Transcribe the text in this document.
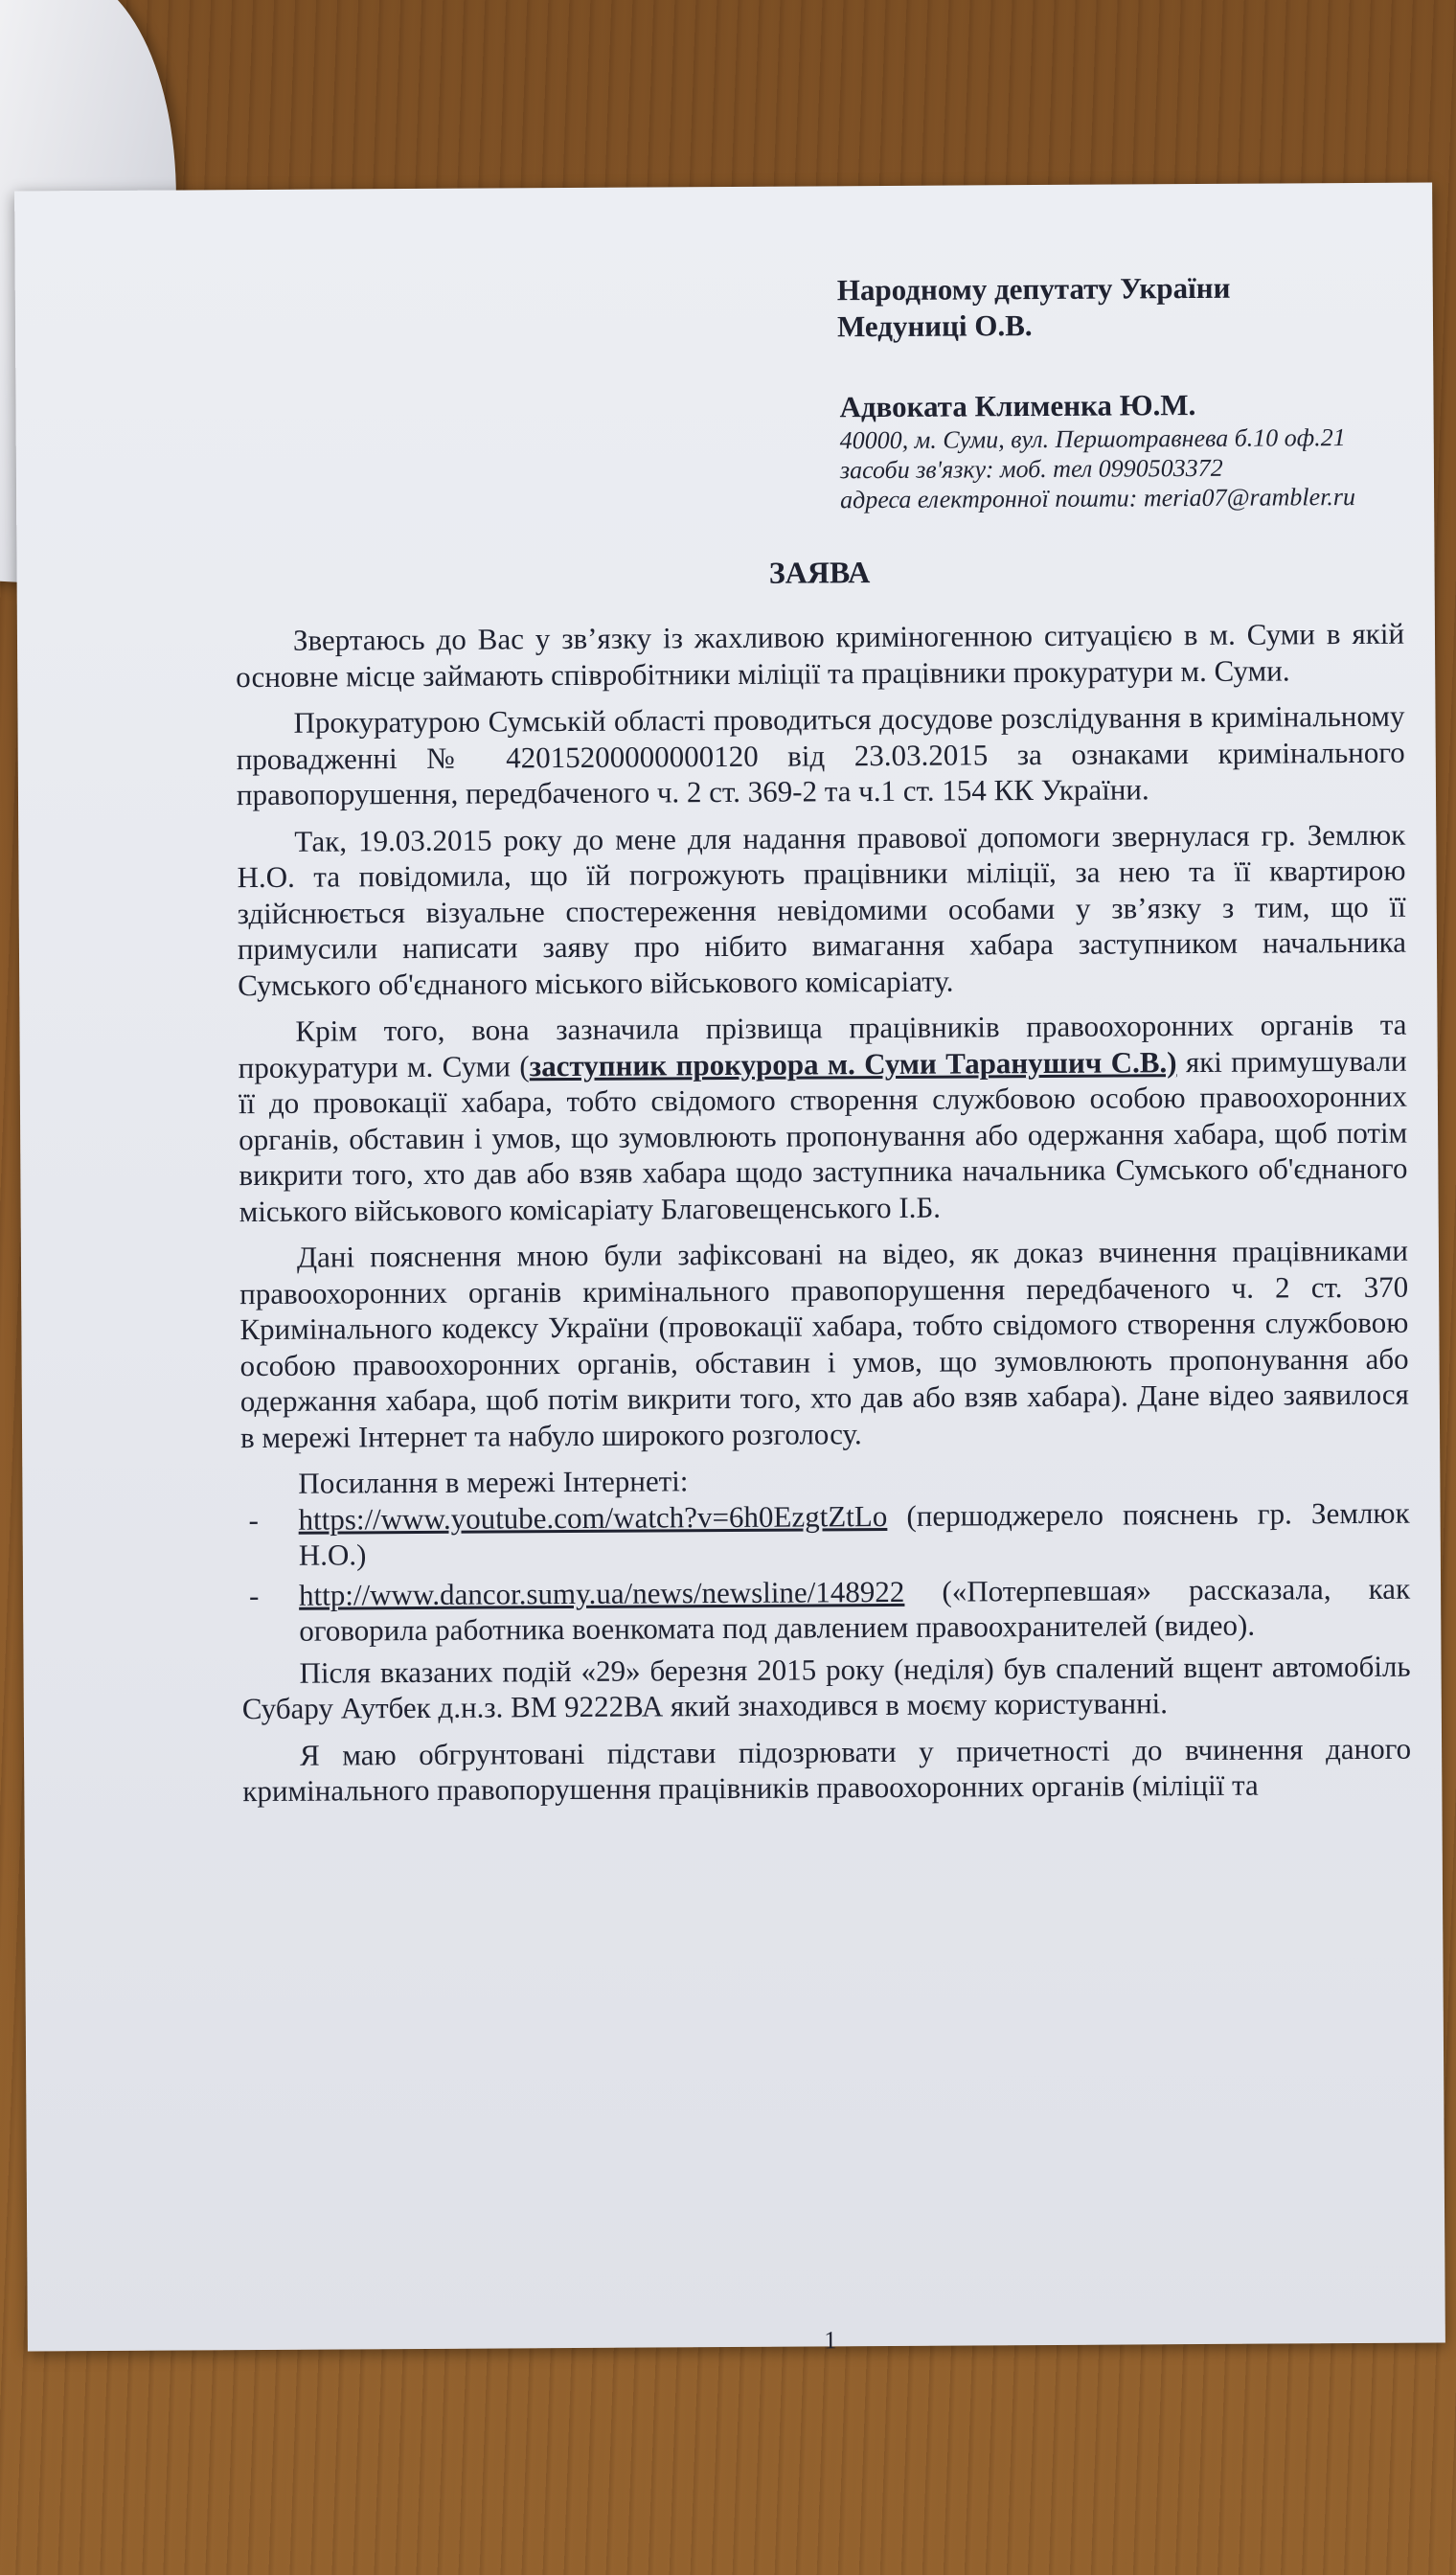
Народному депутату України
Медуниці О.В.
Адвоката Клименка Ю.М.
40000, м. Суми, вул. Першотравнева б.10 оф.21
засоби зв'язку: моб. тел 0990503372
адреса електронної пошти: meria07@rambler.ru
ЗАЯВА

Звертаюсь до Вас у зв’язку із жахливою криміногенною ситуацією в м. Суми в якій основне місце займають співробітники міліції та працівники прокуратури м. Суми.

Прокуратурою Сумській області проводиться досудове розслідування в кримінальному провадженні № 42015200000000120 від 23.03.2015 за ознаками кримінального правопорушення, передбаченого ч. 2 ст. 369-2 та ч.1 ст. 154 КК України.

Так, 19.03.2015 року до мене для надання правової допомоги звернулася гр. Землюк Н.О. та повідомила, що їй погрожують працівники міліції, за нею та її квартирою здійснюється візуальне спостереження невідомими особами у зв’язку з тим, що її примусили написати заяву про нібито вимагання хабара заступником начальника Сумського об'єднаного міського військового комісаріату.

Крім того, вона зазначила прізвища працівників правоохоронних органів та прокуратури м. Суми (заступник прокурора м. Суми Таранушич С.В.) які примушували її до провокації хабара, тобто свідомого створення службовою особою правоохоронних органів, обставин і умов, що зумовлюють пропонування або одержання хабара, щоб потім викрити того, хто дав або взяв хабара щодо заступника начальника Сумського об'єднаного міського військового комісаріату Благовещенського І.Б.

Дані пояснення мною були зафіксовані на відео, як доказ вчинення працівниками правоохоронних органів кримінального правопорушення передбаченого ч. 2 ст. 370 Кримінального кодексу України (провокації хабара, тобто свідомого створення службовою особою правоохоронних органів, обставин і умов, що зумовлюють пропонування або одержання хабара, щоб потім викрити того, хто дав або взяв хабара). Дане відео заявилося в мережі Інтернет та набуло широкого розголосу.

Посилання в мережі Інтернеті:
- https://www.youtube.com/watch?v=6h0EzgtZtLo (першоджерело пояснень гр. Землюк Н.О.)
- http://www.dancor.sumy.ua/news/newsline/148922 («Потерпевшая» рассказала, как оговорила работника военкомата под давлением правоохранителей (видео).

Після вказаних подій «29» березня 2015 року (неділя) був спалений вщент автомобіль Субару Аутбек д.н.з. ВМ 9222ВА який знаходився в моєму користуванні.

Я маю обгрунтовані підстави підозрювати у причетності до вчинення даного кримінального правопорушення працівників правоохоронних органів (міліції та

1
